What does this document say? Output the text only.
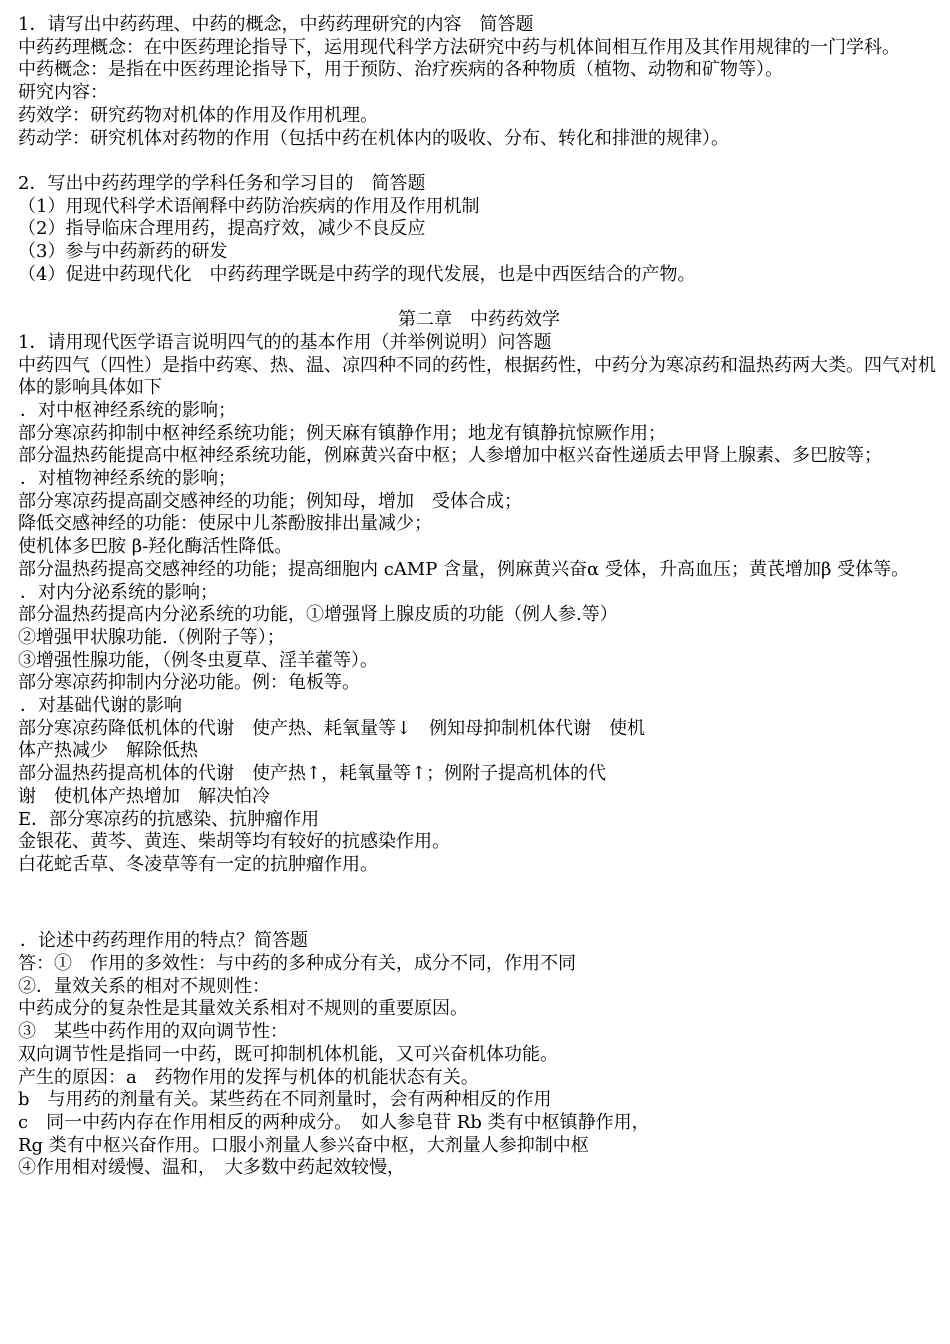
1．请写出中药药理、中药的概念，中药药理研究的内容　简答题
中药药理概念：在中医药理论指导下，运用现代科学方法研究中药与机体间相互作用及其作用规律的一门学科。
中药概念：是指在中医药理论指导下，用于预防、治疗疾病的各种物质（植物、动物和矿物等）。
研究内容：
药效学：研究药物对机体的作用及作用机理。
药动学：研究机体对药物的作用（包括中药在机体内的吸收、分布、转化和排泄的规律）。
2．写出中药药理学的学科任务和学习目的　简答题
（1）用现代科学术语阐释中药防治疾病的作用及作用机制
（2）指导临床合理用药，提高疗效，减少不良反应
（3）参与中药新药的研发
（4）促进中药现代化　中药药理学既是中药学的现代发展，也是中西医结合的产物。
第二章　中药药效学
1．请用现代医学语言说明四气的的基本作用（并举例说明）问答题
中药四气（四性）是指中药寒、热、温、凉四种不同的药性，根据药性，中药分为寒凉药和温热药两大类。四气对机体的影响具体如下
．对中枢神经系统的影响；
部分寒凉药抑制中枢神经系统功能；例天麻有镇静作用；地龙有镇静抗惊厥作用；
部分温热药能提高中枢神经系统功能，例麻黄兴奋中枢；人参增加中枢兴奋性递质去甲肾上腺素、多巴胺等；
．对植物神经系统的影响；
部分寒凉药提高副交感神经的功能；例知母，增加　受体合成；
降低交感神经的功能：使尿中儿茶酚胺排出量减少；
使机体多巴胺 β-羟化酶活性降低。
部分温热药提高交感神经的功能；提高细胞内 cAMP 含量，例麻黄兴奋α 受体，升高血压；黄芪增加β 受体等。
．对内分泌系统的影响；
部分温热药提高内分泌系统的功能，①增强肾上腺皮质的功能（例人参.等）
②增强甲状腺功能.（例附子等）；
③增强性腺功能，（例冬虫夏草、淫羊藿等）。
部分寒凉药抑制内分泌功能。例：龟板等。
．对基础代谢的影响
部分寒凉药降低机体的代谢　使产热、耗氧量等↓　例知母抑制机体代谢　使机
体产热减少　解除低热
部分温热药提高机体的代谢　使产热↑，耗氧量等↑；例附子提高机体的代
谢　使机体产热增加　解决怕冷
E．部分寒凉药的抗感染、抗肿瘤作用
金银花、黄芩、黄连、柴胡等均有较好的抗感染作用。
白花蛇舌草、冬凌草等有一定的抗肿瘤作用。
．论述中药药理作用的特点？简答题
答：①　作用的多效性：与中药的多种成分有关，成分不同，作用不同
②．量效关系的相对不规则性：
中药成分的复杂性是其量效关系相对不规则的重要原因。
③　某些中药作用的双向调节性：
双向调节性是指同一中药，既可抑制机体机能，又可兴奋机体功能。
产生的原因：a　药物作用的发挥与机体的机能状态有关。
b　与用药的剂量有关。某些药在不同剂量时，会有两种相反的作用
c　同一中药内存在作用相反的两种成分。　如人参皂苷 Rb 类有中枢镇静作用，
Rg 类有中枢兴奋作用。口服小剂量人参兴奋中枢，大剂量人参抑制中枢
④作用相对缓慢、温和，　大多数中药起效较慢，
